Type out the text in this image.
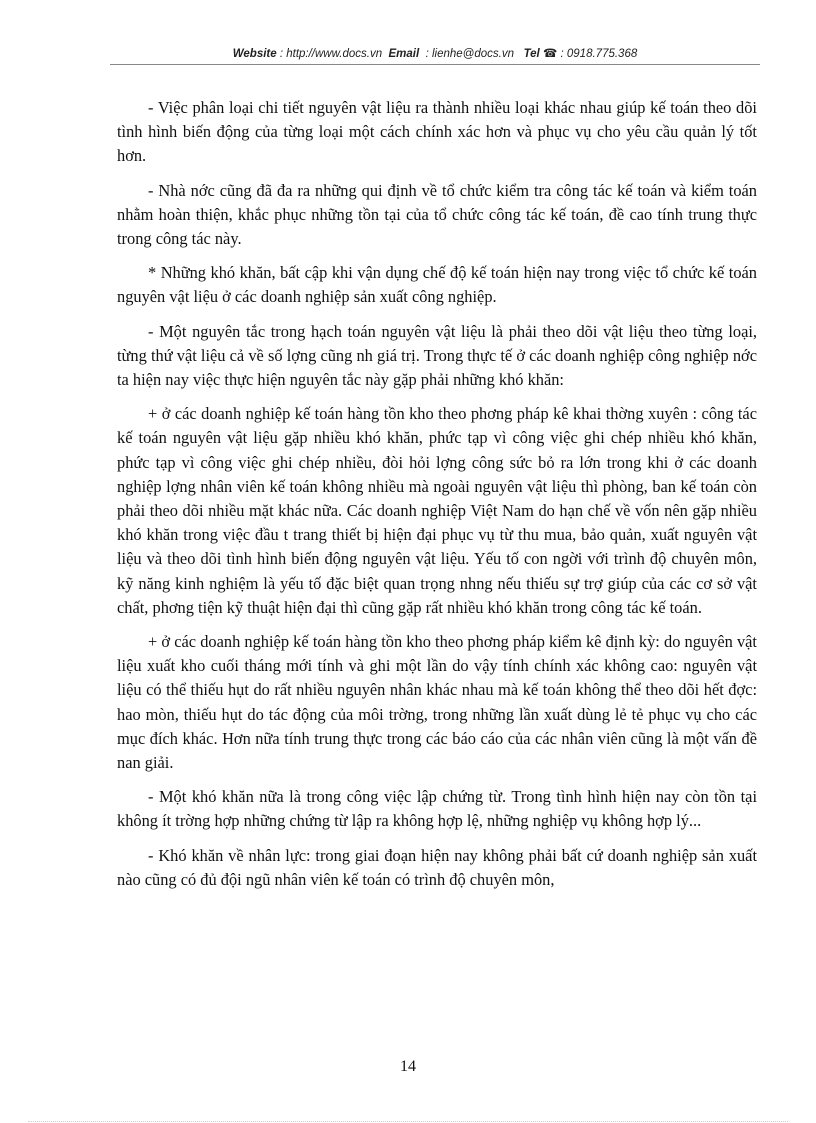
Website : http://www.docs.vn Email  : lienhe@docs.vn Tel ☎ : 0918.775.368

- Việc phân loại chi tiết nguyên vật liệu ra thành nhiều loại khác nhau giúp kế toán theo dõi tình hình biến động của từng loại một cách chính xác hơn và phục vụ cho yêu cầu quản lý tốt hơn.

- Nhà nớc cũng đã đa ra những qui định về tổ chức kiểm tra công tác kế toán và kiểm toán nhằm hoàn thiện, khắc phục những tồn tại của tổ chức công tác kế toán, đề cao tính trung thực trong công tác này.

* Những khó khăn, bất cập khi vận dụng chế độ kế toán hiện nay trong việc tổ chức kế toán nguyên vật liệu ở các doanh nghiệp sản xuất công nghiệp.

- Một nguyên tắc trong hạch toán nguyên vật liệu là phải theo dõi vật liệu theo từng loại, từng thứ vật liệu cả về số lợng cũng nh giá trị. Trong thực tế ở các doanh nghiệp công nghiệp nớc ta hiện nay việc thực hiện nguyên tắc này gặp phải những khó khăn:

+ ở các doanh nghiệp kế toán hàng tồn kho theo phơng pháp kê khai thờng xuyên : công tác kế toán nguyên vật liệu gặp nhiều khó khăn, phức tạp vì công việc ghi chép nhiều khó khăn, phức tạp vì công việc ghi chép nhiều, đòi hỏi lợng công sức bỏ ra lớn trong khi ở các doanh nghiệp lợng nhân viên kế toán không nhiều mà ngoài nguyên vật liệu thì phòng, ban kế toán còn phải theo dõi nhiều mặt khác nữa. Các doanh nghiệp Việt Nam do hạn chế về vốn nên gặp nhiều khó khăn trong việc đầu t trang thiết bị hiện đại phục vụ từ thu mua, bảo quản, xuất nguyên vật liệu và theo dõi tình hình biến động nguyên vật liệu. Yếu tố con ngời với trình độ chuyên môn, kỹ năng kinh nghiệm là yếu tố đặc biệt quan trọng nhng nếu thiếu sự trợ giúp của các cơ sở vật chất, phơng tiện kỹ thuật hiện đại thì cũng gặp rất nhiều khó khăn trong công tác kế toán.

+ ở các doanh nghiệp kế toán hàng tồn kho theo phơng pháp kiểm kê định kỳ: do nguyên vật liệu xuất kho cuối tháng mới tính và ghi một lần do vậy tính chính xác không cao: nguyên vật liệu có thể thiếu hụt do rất nhiều nguyên nhân khác nhau mà kế toán không thể theo dõi hết đợc: hao mòn, thiếu hụt do tác động của môi trờng, trong những lần xuất dùng lẻ tẻ phục vụ cho các mục đích khác. Hơn nữa tính trung thực trong các báo cáo của các nhân viên cũng là một vấn đề nan giải.

- Một khó khăn nữa là trong công việc lập chứng từ. Trong tình hình hiện nay còn tồn tại không ít trờng hợp những chứng từ lập ra không hợp lệ, những nghiệp vụ không hợp lý...

- Khó khăn về nhân lực: trong giai đoạn hiện nay không phải bất cứ doanh nghiệp sản xuất nào cũng có đủ đội ngũ nhân viên kế toán có trình độ chuyên môn,

14
